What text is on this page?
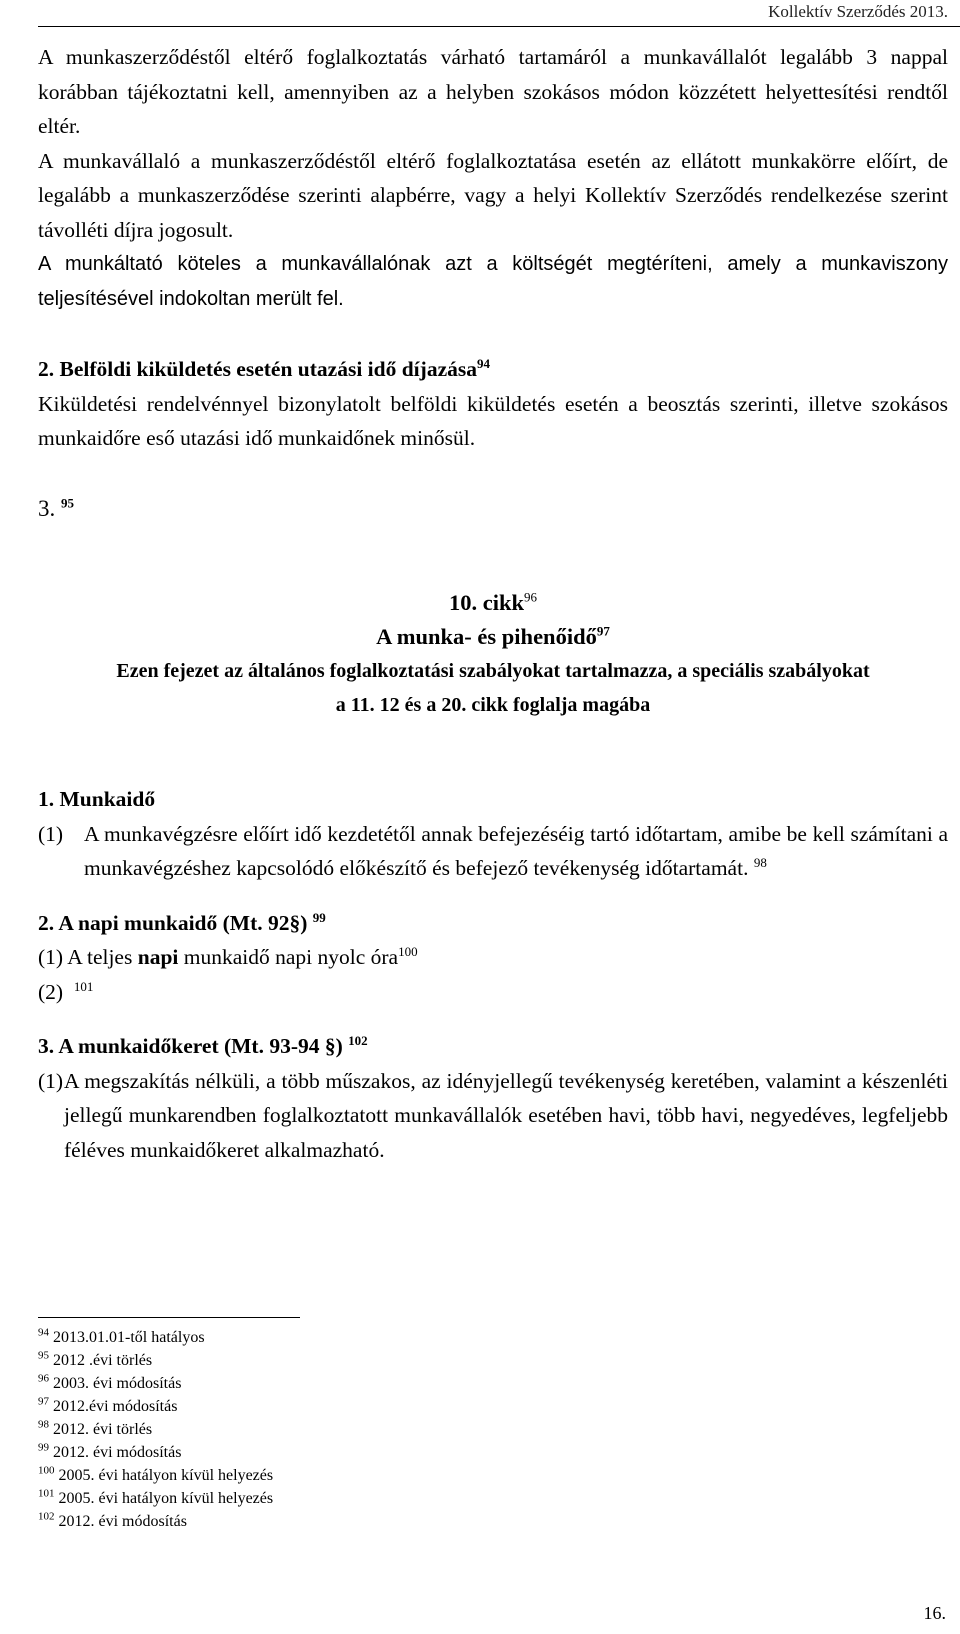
Kollektív Szerződés 2013.

A munkaszerződéstől eltérő foglalkoztatás várható tartamáról a munkavállalót legalább 3 nappal korábban tájékoztatni kell, amennyiben az a helyben szokásos módon közzétett helyettesítési rendtől eltér.

A munkavállaló a munkaszerződéstől eltérő foglalkoztatása esetén az ellátott munkakörre előírt, de legalább a munkaszerződése szerinti alapbérre, vagy a helyi Kollektív Szerződés rendelkezése szerint távolléti díjra jogosult.

A munkáltató köteles a munkavállalónak azt a költségét megtéríteni, amely a munkaviszony teljesítésével indokoltan merült fel.

2. Belföldi kiküldetés esetén utazási idő díjazása$^{94}$

Kiküldetési rendelvénnyel bizonylatolt belföldi kiküldetés esetén a beosztás szerinti, illetve szokásos munkaidőre eső utazási idő munkaidőnek minősül.

3. $^{95}$
10. cikk$^{96}$
A munka- és pihenőidő$^{97}$
Ezen fejezet az általános foglalkoztatási szabályokat tartalmazza, a speciális szabályokat
a 11. 12 és a 20. cikk foglalja magába
1. Munkaidő
(1) A munkavégzésre előírt idő kezdetétől annak befejezéséig tartó időtartam, amibe be kell számítani a munkavégzéshez kapcsolódó előkészítő és befejező tevékenység időtartamát. $^{98}$
2. A napi munkaidő (Mt. 92§) $^{99}$

(1) A teljes napi munkaidő napi nyolc óra$^{100}$

(2) $^{101}$

3. A munkaidőkeret (Mt. 93-94 §) $^{102}$
(1) A megszakítás nélküli, a több műszakos, az idényjellegű tevékenység keretében, valamint a készenléti jellegű munkarendben foglalkoztatott munkavállalók esetében havi, több havi, negyedéves, legfeljebb féléves munkaidőkeret alkalmazható.
$^{94}$ 2013.01.01-től hatályos
$^{95}$ 2012 .évi törlés
$^{96}$ 2003. évi módosítás
$^{97}$ 2012.évi módosítás
$^{98}$ 2012. évi törlés
$^{99}$ 2012. évi módosítás
$^{100}$ 2005. évi hatályon kívül helyezés
$^{101}$ 2005. évi hatályon kívül helyezés
$^{102}$ 2012. évi módosítás
16.
